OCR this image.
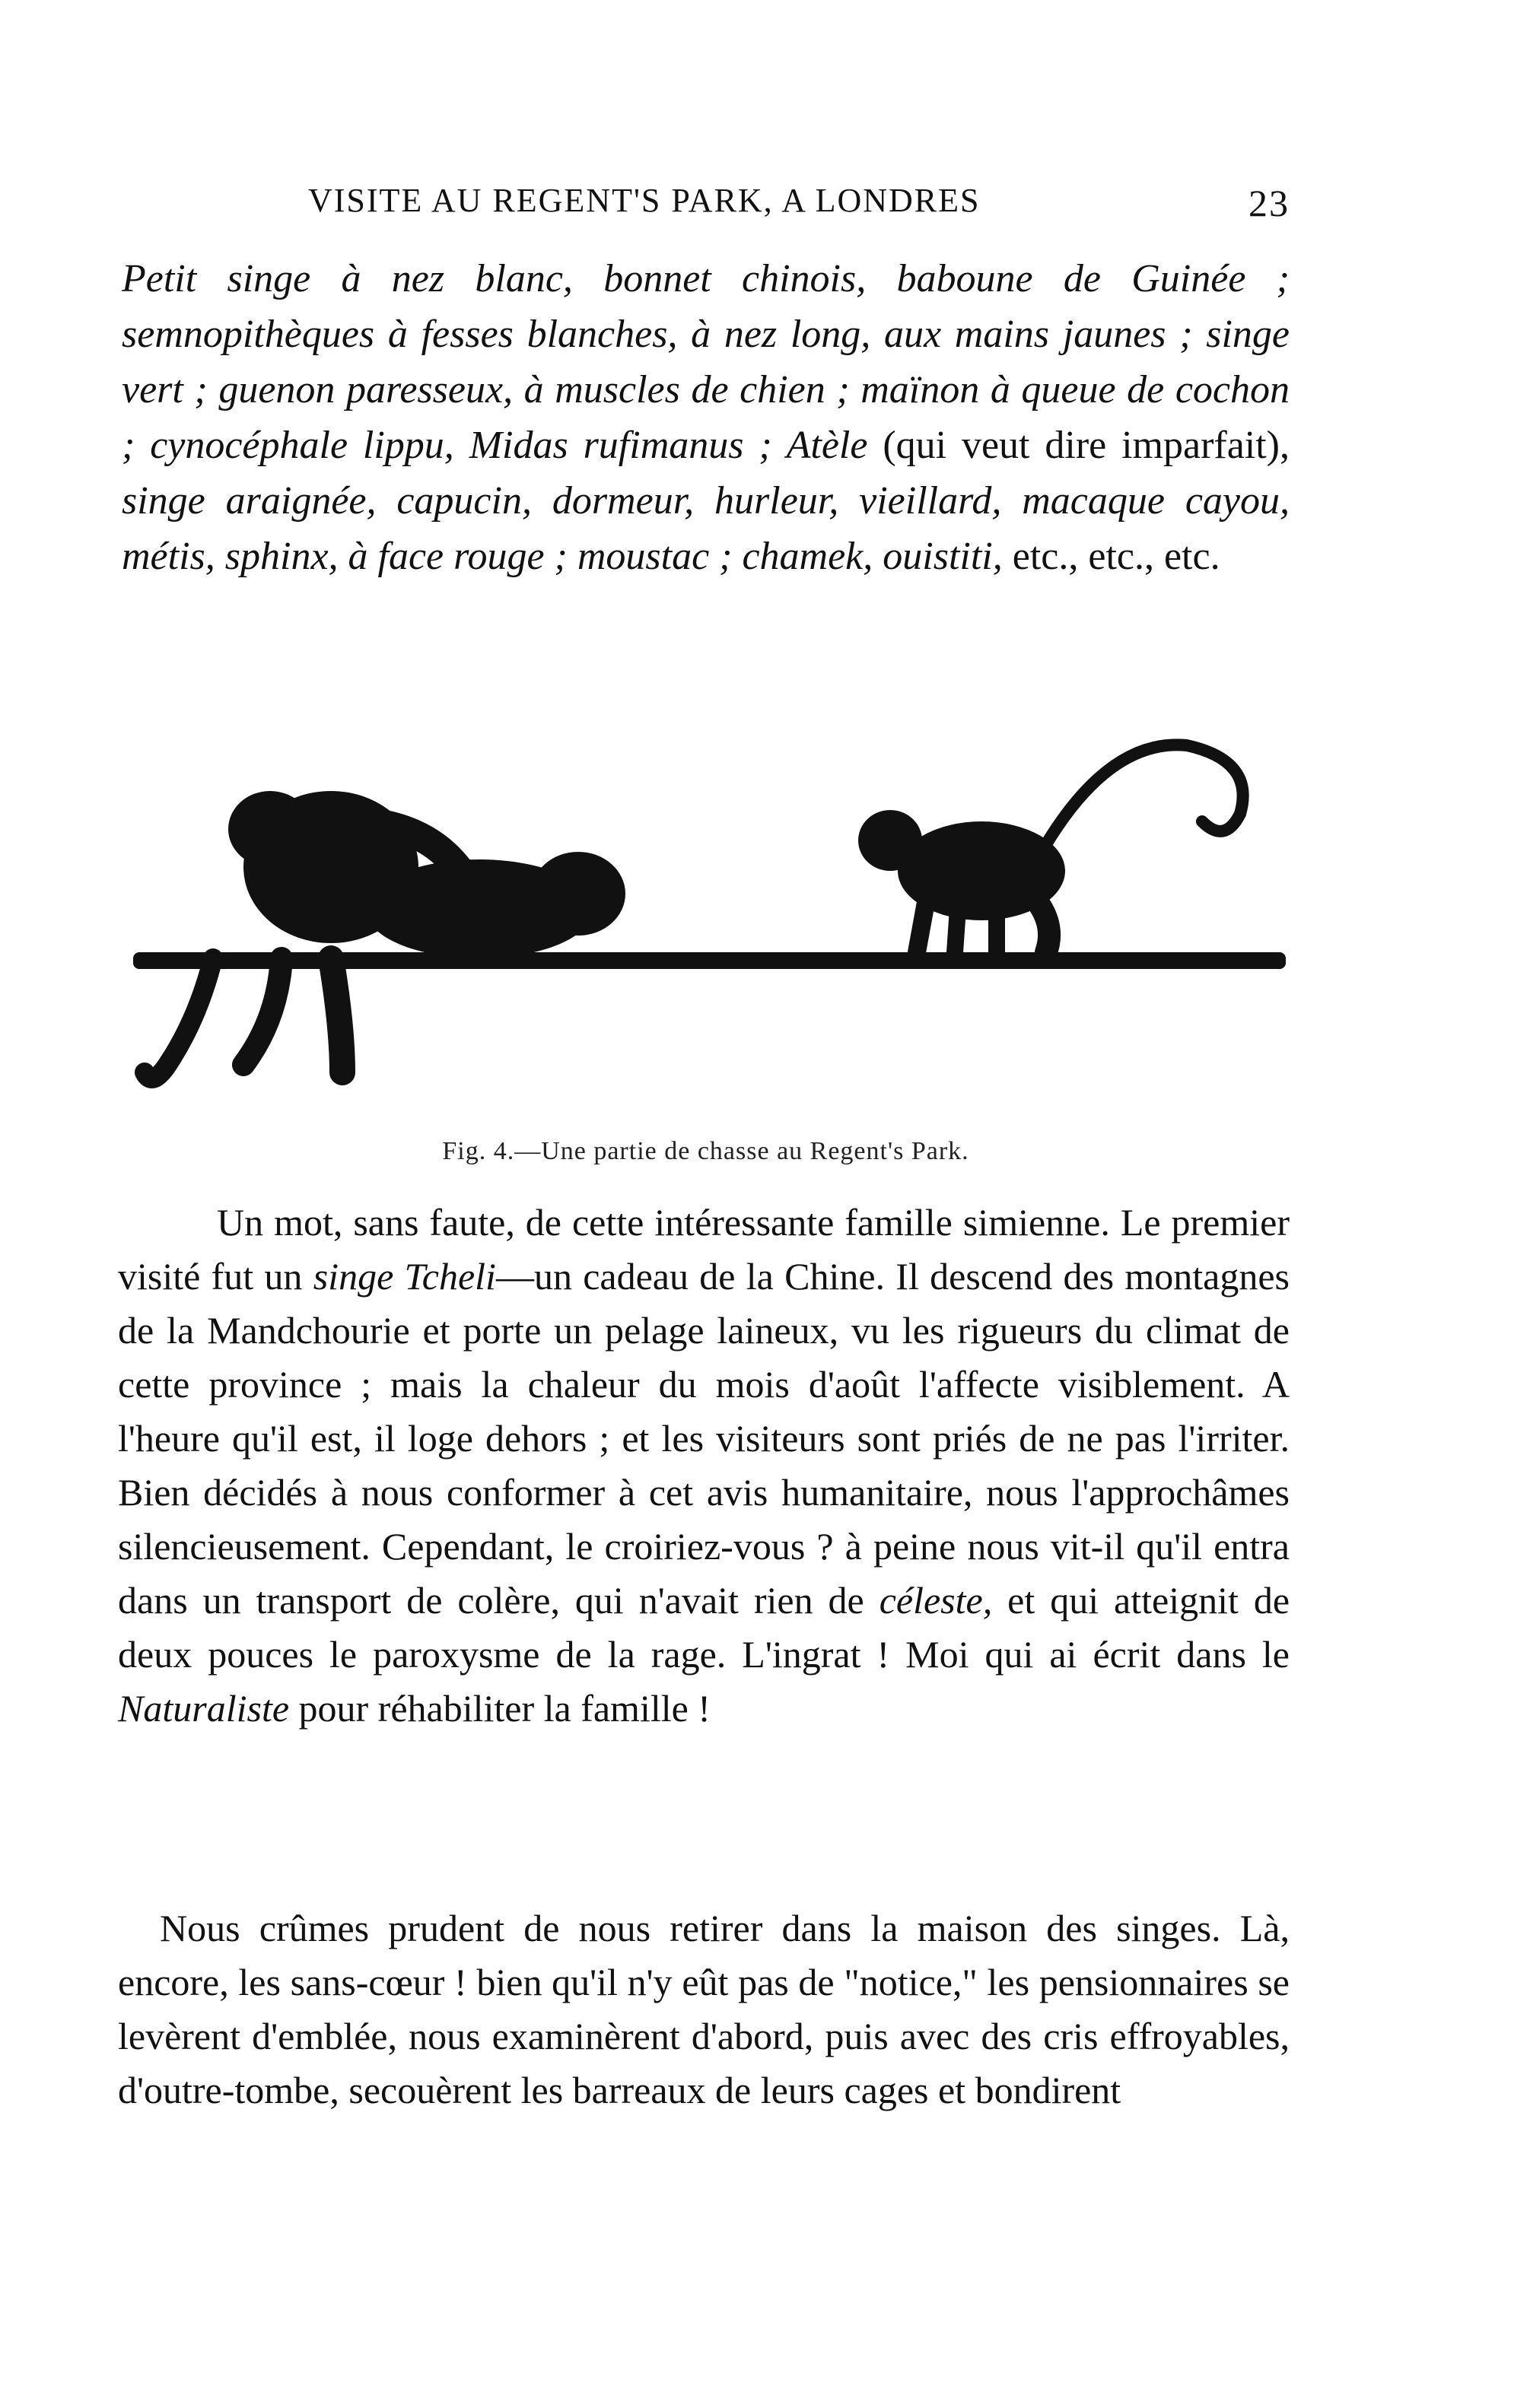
VISITE AU REGENT'S PARK, A LONDRES	23
Petit singe à nez blanc, bonnet chinois, baboune de Guinée ; semnopithèques à fesses blanches, à nez long, aux mains jaunes ; singe vert ; guenon paresseux, à muscles de chien ; maïnon à queue de cochon ; cynocéphale lippu, Midas rufimanus ; Atèle (qui veut dire imparfait), singe araignée, capucin, dormeur, hurleur, vieillard, macaque cayou, métis, sphinx, à face rouge ; moustac ; chamek, ouistiti, etc., etc., etc.
Fig. 4.—Une partie de chasse au Regent's Park.
Un mot, sans faute, de cette intéressante famille simienne. Le premier visité fut un singe Tcheli—un cadeau de la Chine. Il descend des montagnes de la Mandchourie et porte un pelage laineux, vu les rigueurs du climat de cette province ; mais la chaleur du mois d'août l'affecte visiblement. A l'heure qu'il est, il loge dehors ; et les visiteurs sont priés de ne pas l'irriter. Bien décidés à nous conformer à cet avis humanitaire, nous l'approchâmes silencieusement. Cependant, le croiriez-vous ? à peine nous vit-il qu'il entra dans un transport de colère, qui n'avait rien de céleste, et qui atteignit de deux pouces le paroxysme de la rage. L'ingrat ! Moi qui ai écrit dans le Naturaliste pour réhabiliter la famille !
Nous crûmes prudent de nous retirer dans la maison des singes. Là, encore, les sans-cœur ! bien qu'il n'y eût pas de "notice," les pensionnaires se levèrent d'emblée, nous examinèrent d'abord, puis avec des cris effroyables, d'outre-tombe, secouèrent les barreaux de leurs cages et bondirent
